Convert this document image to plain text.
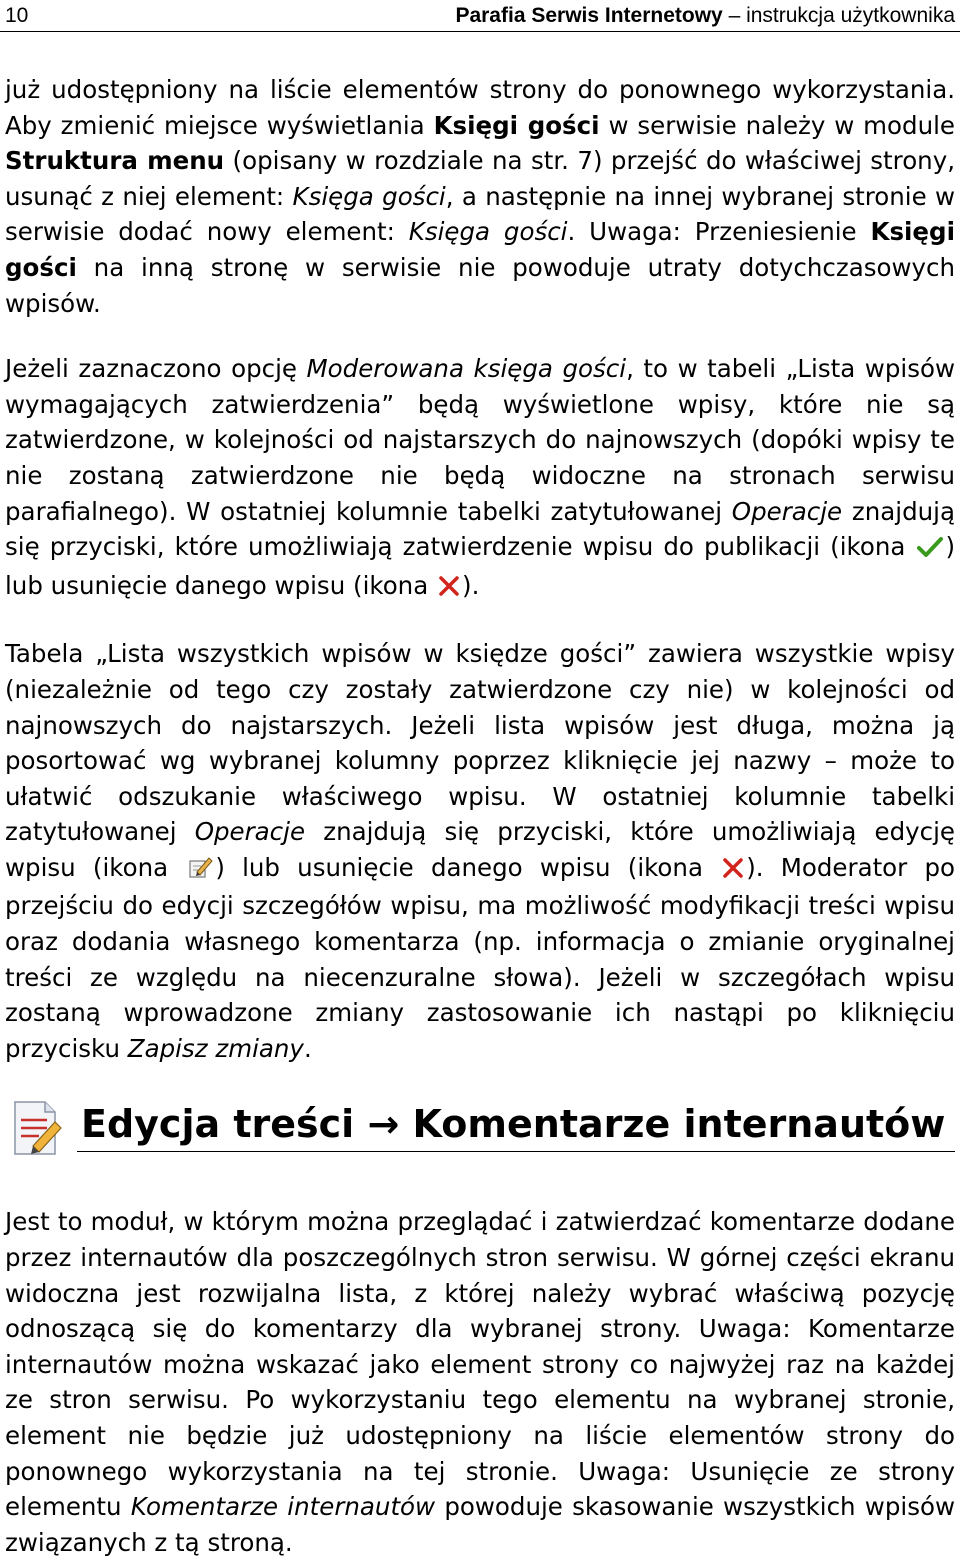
10	Parafia Serwis Internetowy – instrukcja użytkownika

już udostępniony na liście elementów strony do ponownego wykorzystania. Aby zmienić miejsce wyświetlania Księgi gości w serwisie należy w module Struktura menu (opisany w rozdziale na str. 7) przejść do właściwej strony, usunąć z niej element: Księga gości, a następnie na innej wybranej stronie w serwisie dodać nowy element: Księga gości. Uwaga: Przeniesienie Księgi gości na inną stronę w serwisie nie powoduje utraty dotychczasowych wpisów.

Jeżeli zaznaczono opcję Moderowana księga gości, to w tabeli „Lista wpisów wymagających zatwierdzenia” będą wyświetlone wpisy, które nie są zatwierdzone, w kolejności od najstarszych do najnowszych (dopóki wpisy te nie zostaną zatwierdzone nie będą widoczne na stronach serwisu parafialnego). W ostatniej kolumnie tabelki zatytułowanej Operacje znajdują się przyciski, które umożliwiają zatwierdzenie wpisu do publikacji (ikona ) lub usunięcie danego wpisu (ikona ).

Tabela „Lista wszystkich wpisów w księdze gości” zawiera wszystkie wpisy (niezależnie od tego czy zostały zatwierdzone czy nie) w kolejności od najnowszych do najstarszych. Jeżeli lista wpisów jest długa, można ją posortować wg wybranej kolumny poprzez kliknięcie jej nazwy – może to ułatwić odszukanie właściwego wpisu. W ostatniej kolumnie tabelki zatytułowanej Operacje znajdują się przyciski, które umożliwiają edycję wpisu (ikona ) lub usunięcie danego wpisu (ikona ). Moderator po przejściu do edycji szczegółów wpisu, ma możliwość modyfikacji treści wpisu oraz dodania własnego komentarza (np. informacja o zmianie oryginalnej treści ze względu na niecenzuralne słowa). Jeżeli w szczegółach wpisu zostaną wprowadzone zmiany zastosowanie ich nastąpi po kliknięciu przycisku Zapisz zmiany.

Edycja treści → Komentarze internautów

Jest to moduł, w którym można przeglądać i zatwierdzać komentarze dodane przez internautów dla poszczególnych stron serwisu. W górnej części ekranu widoczna jest rozwijalna lista, z której należy wybrać właściwą pozycję odnoszącą się do komentarzy dla wybranej strony. Uwaga: Komentarze internautów można wskazać jako element strony co najwyżej raz na każdej ze stron serwisu. Po wykorzystaniu tego elementu na wybranej stronie, element nie będzie już udostępniony na liście elementów strony do ponownego wykorzystania na tej stronie. Uwaga: Usunięcie ze strony elementu Komentarze internautów powoduje skasowanie wszystkich wpisów związanych z tą stroną.
